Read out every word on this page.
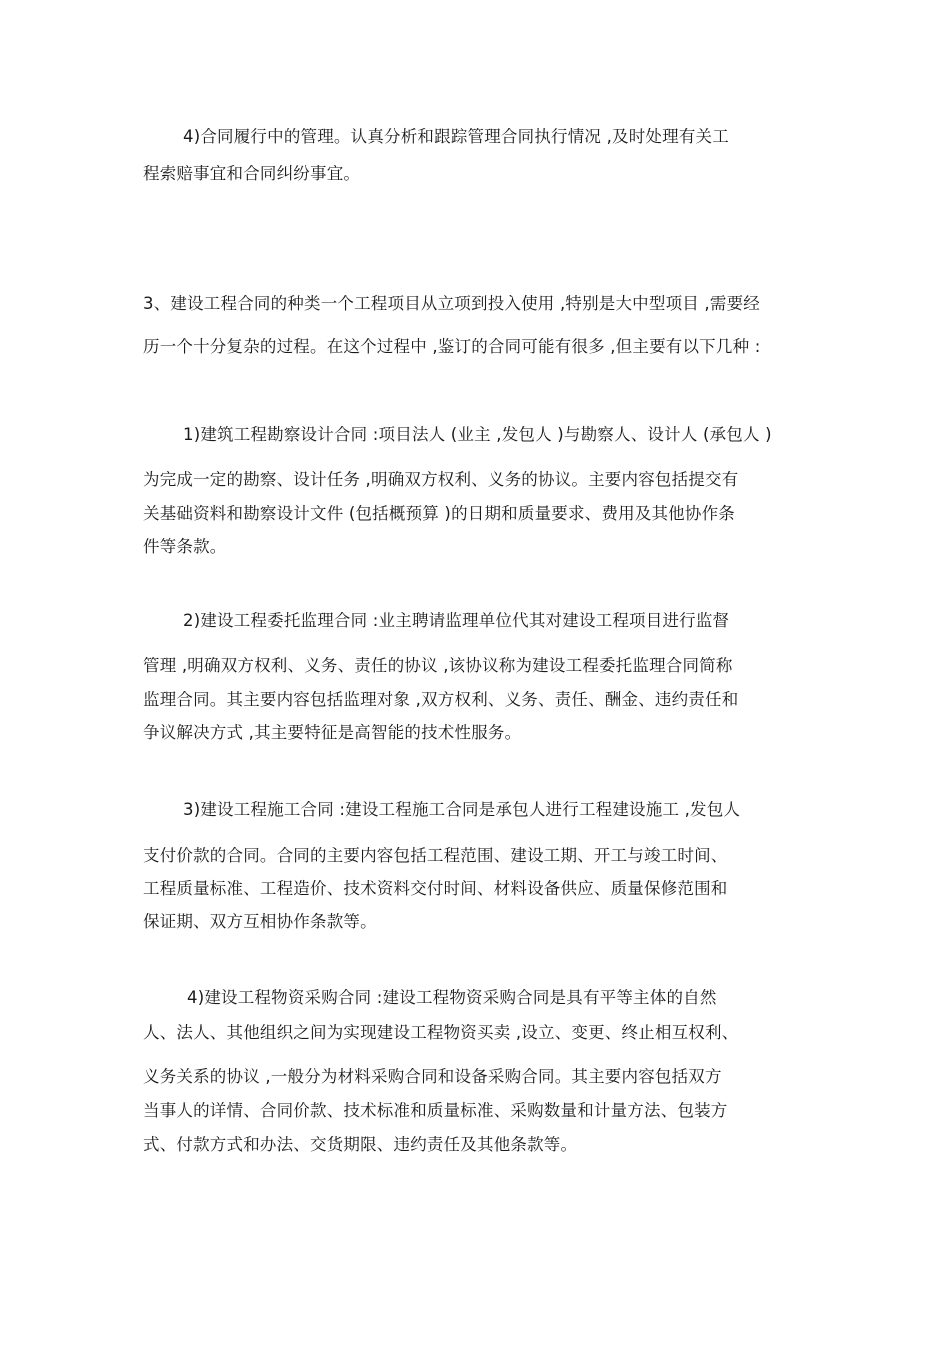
4)合同履行中的管理。认真分析和跟踪管理合同执行情况 ,及时处理有关工
程索赔事宜和合同纠纷事宜。
3、建设工程合同的种类一个工程项目从立项到投入使用 ,特别是大中型项目 ,需要经
历一个十分复杂的过程。在这个过程中 ,鉴订的合同可能有很多 ,但主要有以下几种 :
1)建筑工程勘察设计合同 :项目法人 (业主 ,发包人 )与勘察人、设计人 (承包人 )
为完成一定的勘察、设计任务 ,明确双方权利、义务的协议。主要内容包括提交有
关基础资料和勘察设计文件 (包括概预算 )的日期和质量要求、费用及其他协作条
件等条款。
2)建设工程委托监理合同 :业主聘请监理单位代其对建设工程项目进行监督
管理 ,明确双方权利、义务、责任的协议 ,该协议称为建设工程委托监理合同简称
监理合同。其主要内容包括监理对象 ,双方权利、义务、责任、酬金、违约责任和
争议解决方式 ,其主要特征是高智能的技术性服务。
3)建设工程施工合同 :建设工程施工合同是承包人进行工程建设施工 ,发包人
支付价款的合同。合同的主要内容包括工程范围、建设工期、开工与竣工时间、
工程质量标准、工程造价、技术资料交付时间、材料设备供应、质量保修范围和
保证期、双方互相协作条款等。
4)建设工程物资采购合同 :建设工程物资采购合同是具有平等主体的自然
人、法人、其他组织之间为实现建设工程物资买卖 ,设立、变更、终止相互权利、
义务关系的协议 ,一般分为材料采购合同和设备采购合同。其主要内容包括双方
当事人的详情、合同价款、技术标准和质量标准、采购数量和计量方法、包装方
式、付款方式和办法、交货期限、违约责任及其他条款等。
